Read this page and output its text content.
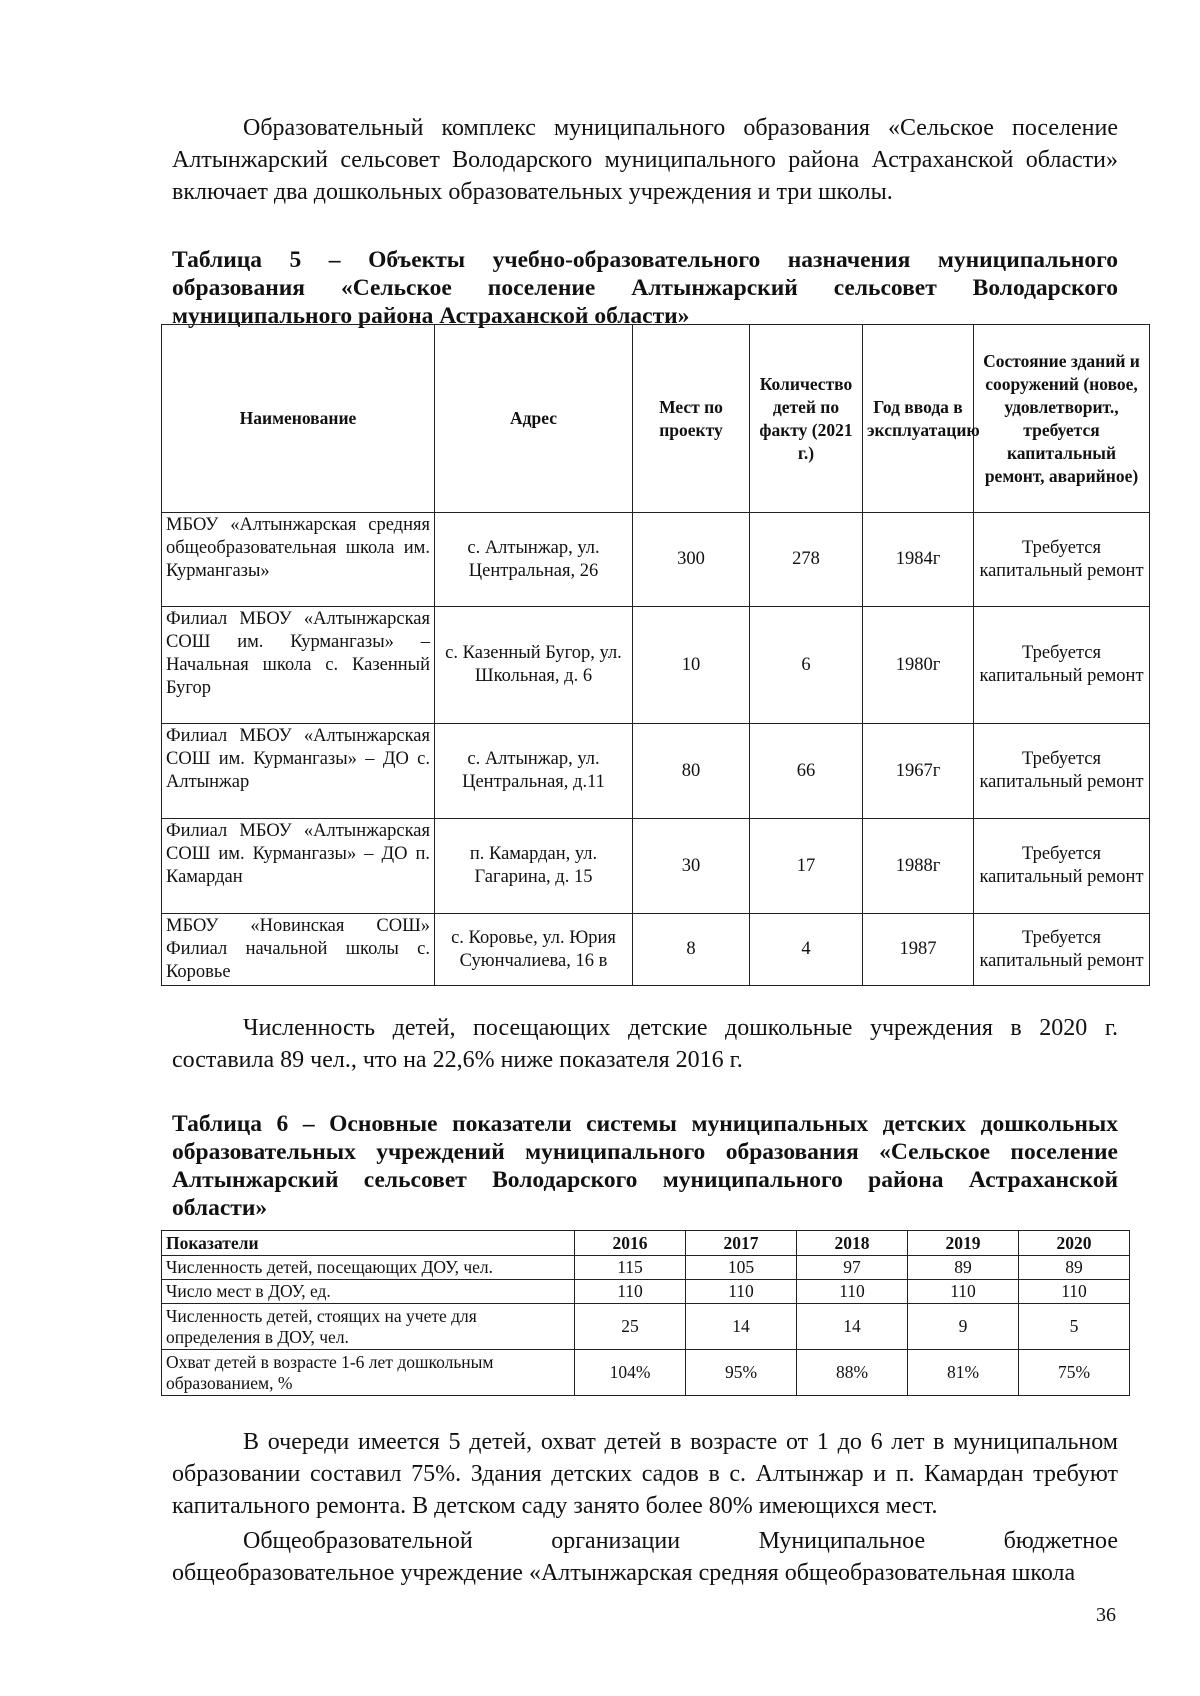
Образовательный комплекс муниципального образования «Сельское поселение Алтынжарский сельсовет Володарского муниципального района Астраханской области» включает два дошкольных образовательных учреждения и три школы.

Таблица 5 – Объекты учебно-образовательного назначения муниципального образования «Сельское поселение Алтынжарский сельсовет Володарского муниципального района Астраханской области»

Наименование	Адрес	Мест по проекту	Количество детей по факту (2021 г.)	Год ввода в эксплуатацию	Состояние зданий и сооружений (новое, удовлетворит., требуется капитальный ремонт, аварийное)
МБОУ «Алтынжарская средняя общеобразовательная школа им. Курмангазы»	с. Алтынжар, ул. Центральная, 26	300	278	1984г	Требуется капитальный ремонт
Филиал МБОУ «Алтынжарская СОШ им. Курмангазы» – Начальная школа с. Казенный Бугор	с. Казенный Бугор, ул. Школьная, д. 6	10	6	1980г	Требуется капитальный ремонт
Филиал МБОУ «Алтынжарская СОШ им. Курмангазы» – ДО с. Алтынжар	с. Алтынжар, ул. Центральная, д.11	80	66	1967г	Требуется капитальный ремонт
Филиал МБОУ «Алтынжарская СОШ им. Курмангазы» – ДО п. Камардан	п. Камардан, ул. Гагарина, д. 15	30	17	1988г	Требуется капитальный ремонт
МБОУ «Новинская СОШ» Филиал начальной школы с. Коровье	с. Коровье, ул. Юрия Суюнчалиева, 16 в	8	4	1987	Требуется капитальный ремонт

Численность детей, посещающих детские дошкольные учреждения в 2020 г. составила 89 чел., что на 22,6% ниже показателя 2016 г.

Таблица 6 – Основные показатели системы муниципальных детских дошкольных образовательных учреждений муниципального образования «Сельское поселение Алтынжарский сельсовет Володарского муниципального района Астраханской области»

Показатели	2016	2017	2018	2019	2020
Численность детей, посещающих ДОУ, чел.	115	105	97	89	89
Число мест в ДОУ, ед.	110	110	110	110	110
Численность детей, стоящих на учете для определения в ДОУ, чел.	25	14	14	9	5
Охват детей в возрасте 1-6 лет дошкольным образованием, %	104%	95%	88%	81%	75%

В очереди имеется 5 детей, охват детей в возрасте от 1 до 6 лет в муниципальном образовании составил 75%. Здания детских садов в с. Алтынжар и п. Камардан требуют капитального ремонта. В детском саду занято более 80% имеющихся мест.

Общеобразовательной организации Муниципальное бюджетное общеобразовательное учреждение «Алтынжарская средняя общеобразовательная школа

36
